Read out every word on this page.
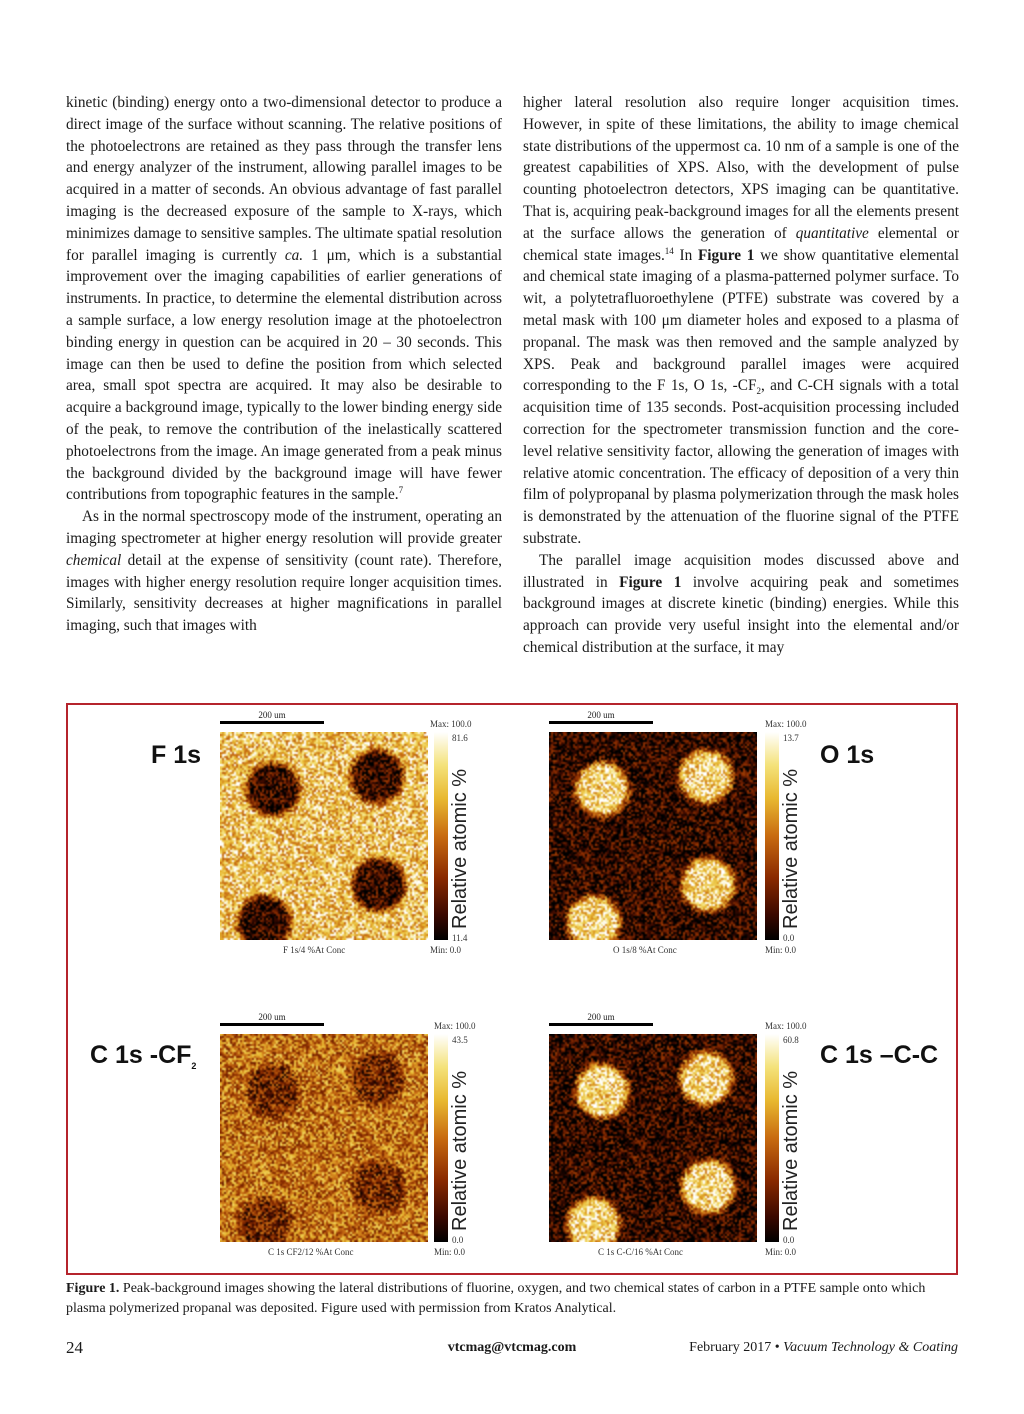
kinetic (binding) energy onto a two-dimensional detector to produce a direct image of the surface without scanning. The relative positions of the photoelectrons are retained as they pass through the transfer lens and energy analyzer of the instrument, allowing parallel images to be acquired in a matter of seconds. An obvious advantage of fast parallel imaging is the decreased exposure of the sample to X-rays, which minimizes damage to sensitive samples. The ultimate spatial resolution for parallel imaging is currently ca. 1 μm, which is a substantial improvement over the imaging capabilities of earlier generations of instruments. In practice, to determine the elemental distribution across a sample surface, a low energy resolution image at the photoelectron binding energy in question can be acquired in 20 – 30 seconds. This image can then be used to define the position from which selected area, small spot spectra are acquired. It may also be desirable to acquire a background image, typically to the lower binding energy side of the peak, to remove the contribution of the inelastically scattered photoelectrons from the image. An image generated from a peak minus the background divided by the background image will have fewer contributions from topographic features in the sample.$^7$

As in the normal spectroscopy mode of the instrument, operating an imaging spectrometer at higher energy resolution will provide greater chemical detail at the expense of sensitivity (count rate). Therefore, images with higher energy resolution require longer acquisition times. Similarly, sensitivity decreases at higher magnifications in parallel imaging, such that images with

higher lateral resolution also require longer acquisition times. However, in spite of these limitations, the ability to image chemical state distributions of the uppermost ca. 10 nm of a sample is one of the greatest capabilities of XPS. Also, with the development of pulse counting photoelectron detectors, XPS imaging can be quantitative. That is, acquiring peak-background images for all the elements present at the surface allows the generation of quantitative elemental or chemical state images.$^{14}$ In Figure 1 we show quantitative elemental and chemical state imaging of a plasma-patterned polymer surface. To wit, a polytetrafluoroethylene (PTFE) substrate was covered by a metal mask with 100 μm diameter holes and exposed to a plasma of propanal. The mask was then removed and the sample analyzed by XPS. Peak and background parallel images were acquired corresponding to the F 1s, O 1s, $-CF_2$, and C-CH signals with a total acquisition time of 135 seconds. Post-acquisition processing included correction for the spectrometer transmission function and the core-level relative sensitivity factor, allowing the generation of images with relative atomic concentration. The efficacy of deposition of a very thin film of polypropanal by plasma polymerization through the mask holes is demonstrated by the attenuation of the fluorine signal of the PTFE substrate.

The parallel image acquisition modes discussed above and illustrated in Figure 1 involve acquiring peak and sometimes background images at discrete kinetic (binding) energies. While this approach can provide very useful insight into the elemental and/or chemical distribution at the surface, it may

200 um
F 1s
Max: 100.0
81.6
11.4
Min: 0.0
F 1s/4 %At Conc
Relative atomic %
200 um
O 1s
Max: 100.0
13.7
0.0
Min: 0.0
O 1s/8 %At Conc
Relative atomic %
200 um
C 1s $-CF_2$
Max: 100.0
43.5
0.0
Min: 0.0
C 1s CF2/12 %At Conc
Relative atomic %
200 um
C 1s –C-C
Max: 100.0
60.8
0.0
Min: 0.0
C 1s C-C/16 %At Conc
Relative atomic %
Figure 1. Peak-background images showing the lateral distributions of fluorine, oxygen, and two chemical states of carbon in a PTFE sample onto which plasma polymerized propanal was deposited. Figure used with permission from Kratos Analytical.
24	vtcmag@vtcmag.com	February 2017 • Vacuum Technology & Coating
